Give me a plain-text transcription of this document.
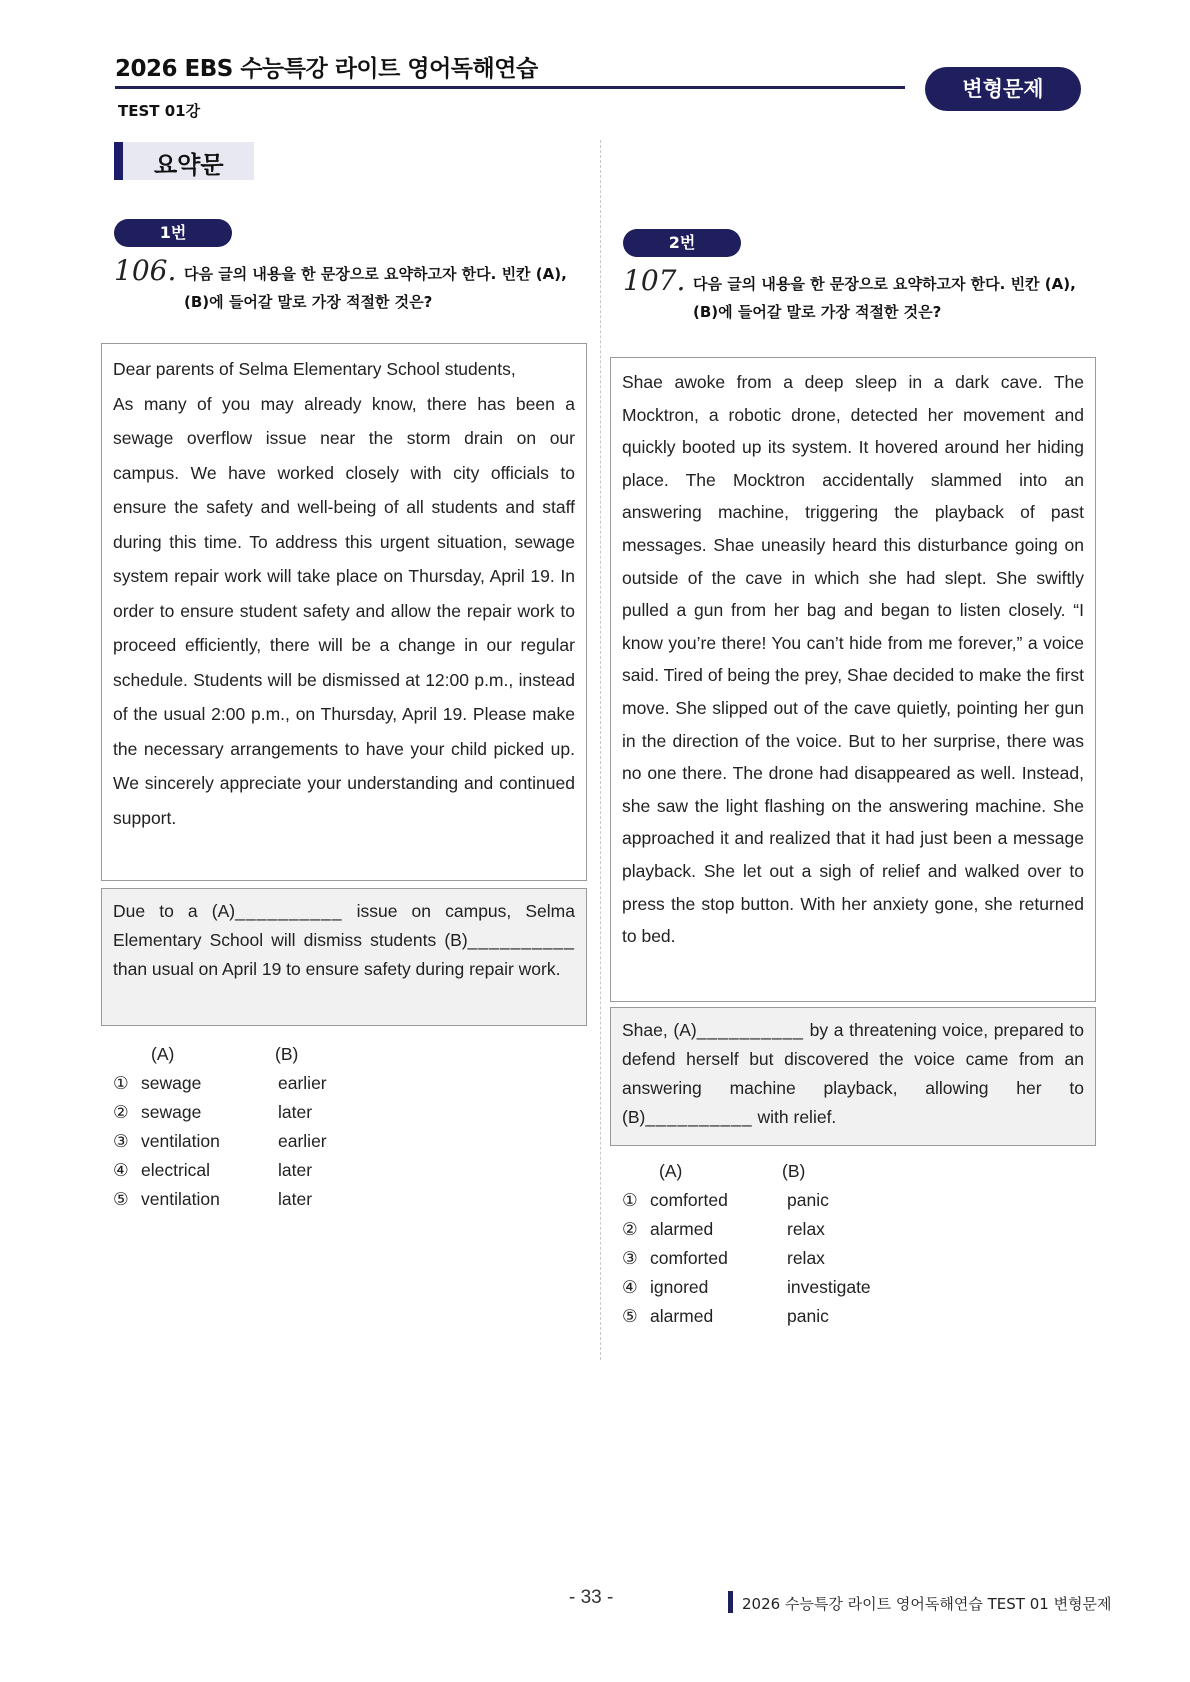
2026 EBS 수능특강 라이트 영어독해연습
TEST 01강
변형문제
요약문
1번
106. 다음 글의 내용을 한 문장으로 요약하고자 한다. 빈칸 (A),
(B)에 들어갈 말로 가장 적절한 것은?

Dear parents of Selma Elementary School students,

As many of you may already know, there has been a sewage overflow issue near the storm drain on our campus. We have worked closely with city officials to ensure the safety and well-being of all students and staff during this time. To address this urgent situation, sewage system repair work will take place on Thursday, April 19. In order to ensure student safety and allow the repair work to proceed efficiently, there will be a change in our regular schedule. Students will be dismissed at 12:00 p.m., instead of the usual 2:00 p.m., on Thursday, April 19. Please make the necessary arrangements to have your child picked up. We sincerely appreciate your understanding and continued support.

Due to a (A)__________ issue on campus, Selma Elementary School will dismiss students (B)__________ than usual on April 19 to ensure safety during repair work.

(A)	(B)
① sewage	earlier
② sewage	later
③ ventilation	earlier
④ electrical	later
⑤ ventilation	later
2번
107. 다음 글의 내용을 한 문장으로 요약하고자 한다. 빈칸 (A),
(B)에 들어갈 말로 가장 적절한 것은?

Shae awoke from a deep sleep in a dark cave. The Mocktron, a robotic drone, detected her movement and quickly booted up its system. It hovered around her hiding place. The Mocktron accidentally slammed into an answering machine, triggering the playback of past messages. Shae uneasily heard this disturbance going on outside of the cave in which she had slept. She swiftly pulled a gun from her bag and began to listen closely. “I know you’re there! You can’t hide from me forever,” a voice said. Tired of being the prey, Shae decided to make the first move. She slipped out of the cave quietly, pointing her gun in the direction of the voice. But to her surprise, there was no one there. The drone had disappeared as well. Instead, she saw the light flashing on the answering machine. She approached it and realized that it had just been a message playback. She let out a sigh of relief and walked over to press the stop button. With her anxiety gone, she returned to bed.

Shae, (A)__________ by a threatening voice, prepared to defend herself but discovered the voice came from an answering machine playback, allowing her to (B)__________ with relief.

(A)	(B)
① comforted	panic
② alarmed	relax
③ comforted	relax
④ ignored	investigate
⑤ alarmed	panic
- 33 -	2026 수능특강 라이트 영어독해연습 TEST 01 변형문제
